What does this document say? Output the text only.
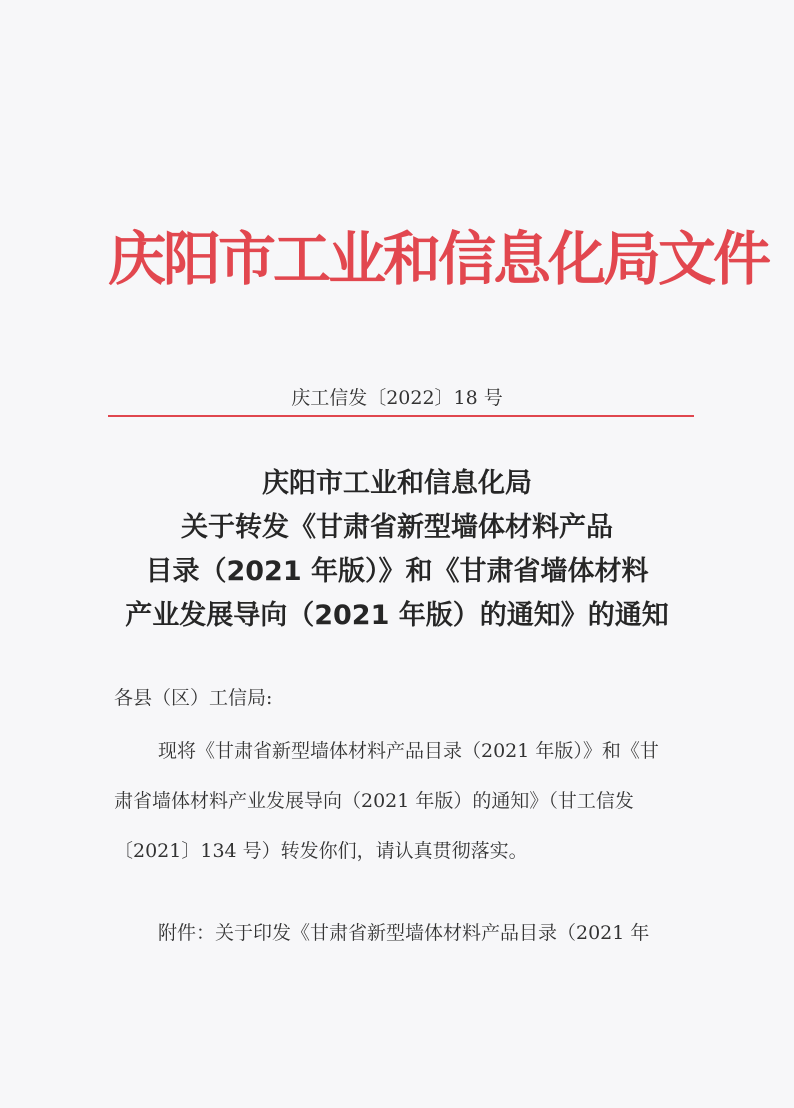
庆阳市工业和信息化局文件
庆工信发〔2022〕18 号
庆阳市工业和信息化局
关于转发《甘肃省新型墙体材料产品
目录（2021 年版）》和《甘肃省墙体材料
产业发展导向（2021 年版）的通知》的通知
各县（区）工信局:
现将《甘肃省新型墙体材料产品目录（2021 年版）》和《甘
肃省墙体材料产业发展导向（2021 年版）的通知》（甘工信发
〔2021〕134 号）转发你们，请认真贯彻落实。
附件：关于印发《甘肃省新型墙体材料产品目录（2021 年
